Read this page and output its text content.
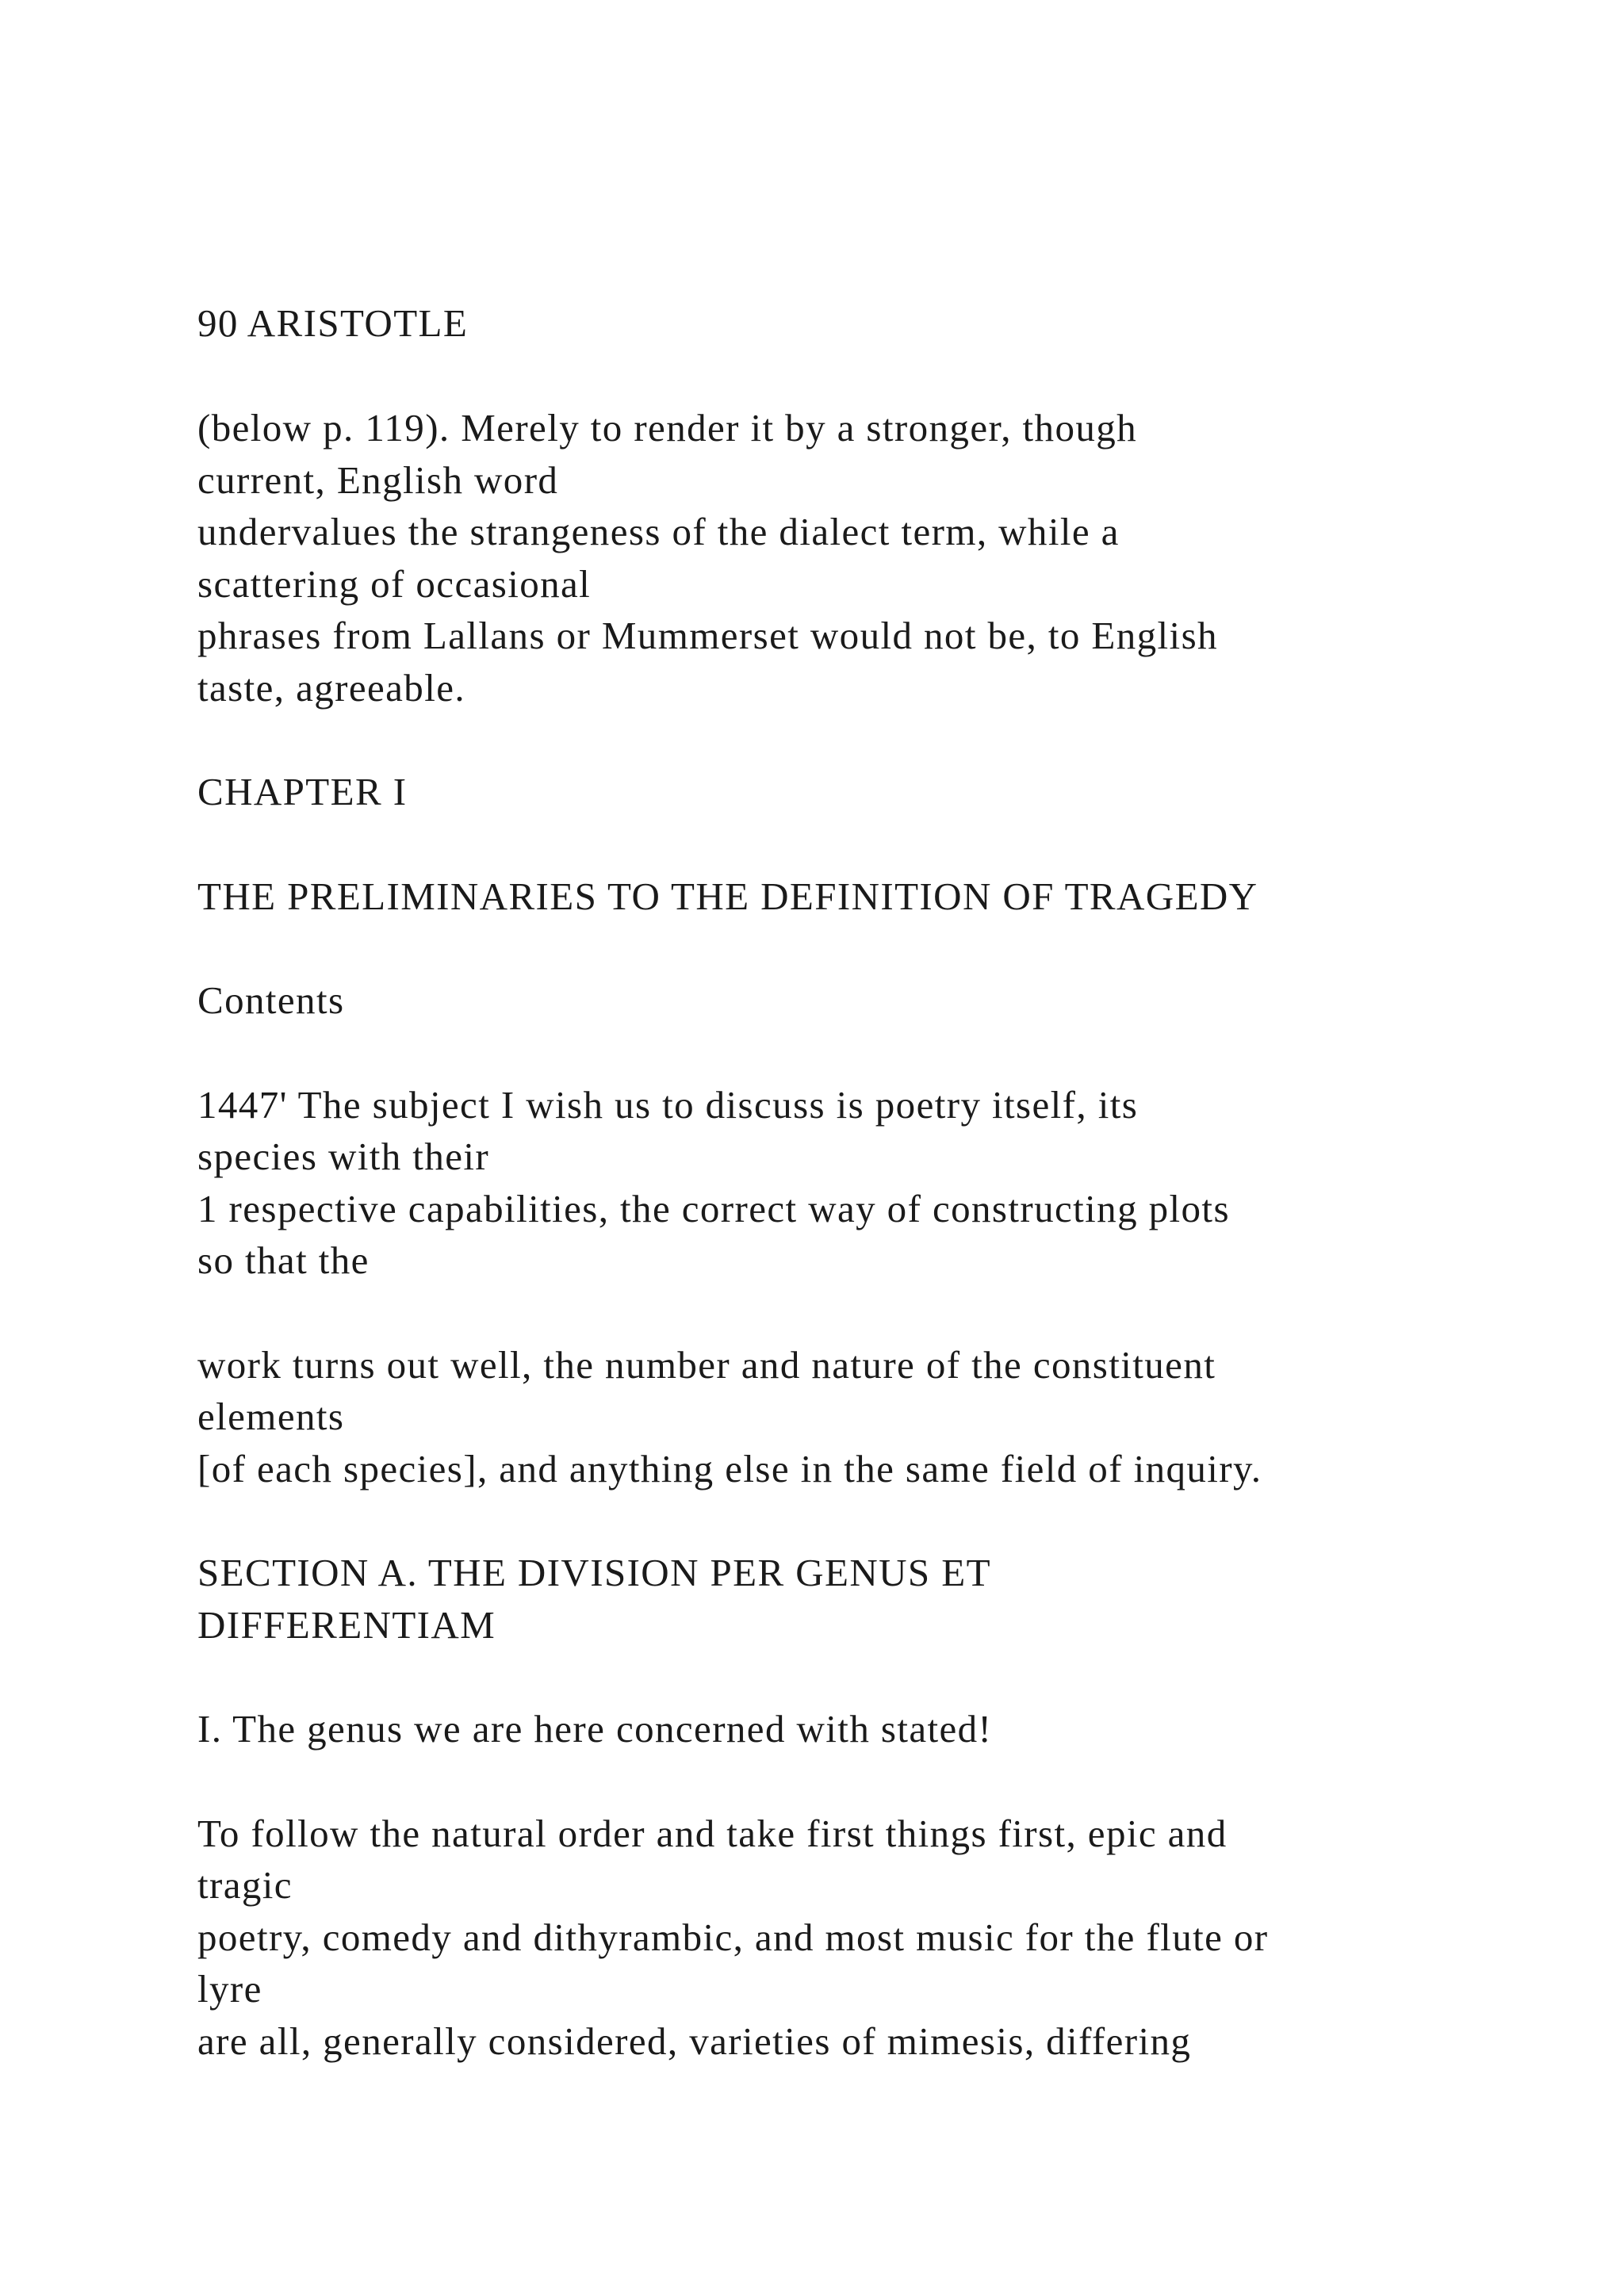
90 ARISTOTLE
(below p. 119). Merely to render it by a stronger, though
current, English word
undervalues the strangeness of the dialect term, while a
scattering of occasional
phrases from Lallans or Mummerset would not be, to English
taste, agreeable.
CHAPTER I
THE PRELIMINARIES TO THE DEFINITION OF TRAGEDY
Contents
1447' The subject I wish us to discuss is poetry itself, its
species with their
1 respective capabilities, the correct way of constructing plots
so that the
work turns out well, the number and nature of the constituent
elements
[of each species], and anything else in the same field of inquiry.
SECTION A. THE DIVISION PER GENUS ET
DIFFERENTIAM
I. The genus we are here concerned with stated!
To follow the natural order and take first things first, epic and
tragic
poetry, comedy and dithyrambic, and most music for the flute or
lyre
are all, generally considered, varieties of mimesis, differing
